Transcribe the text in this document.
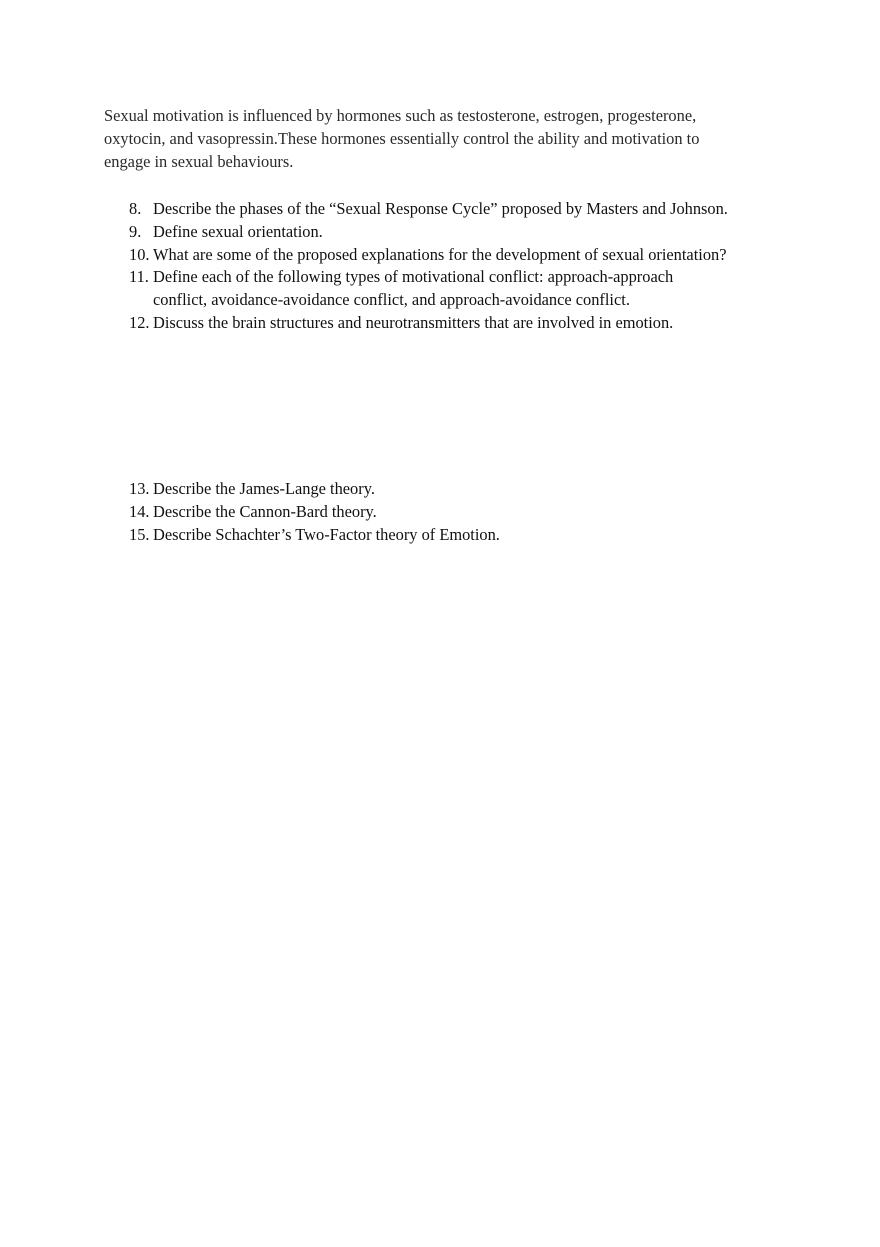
Sexual motivation is influenced by hormones such as testosterone, estrogen, progesterone, oxytocin, and vasopressin.These hormones essentially control the ability and motivation to engage in sexual behaviours.

8. Describe the phases of the “Sexual Response Cycle” proposed by Masters and Johnson.
9. Define sexual orientation.
10. What are some of the proposed explanations for the development of sexual orientation?
11. Define each of the following types of motivational conflict: approach-approach conflict, avoidance-avoidance conflict, and approach-avoidance conflict.
12. Discuss the brain structures and neurotransmitters that are involved in emotion.
13. Describe the James-Lange theory.
14. Describe the Cannon-Bard theory.
15. Describe Schachter’s Two-Factor theory of Emotion.
